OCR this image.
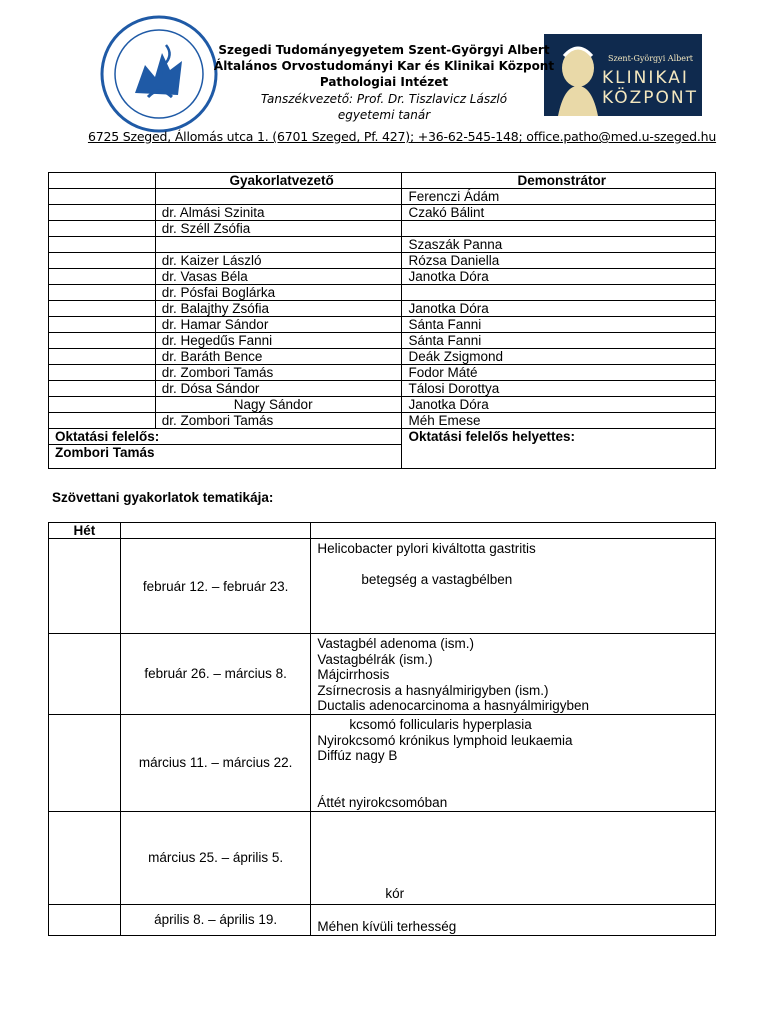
Szent-Györgyi Albert
KLINIKAI
KÖZPONT
Szegedi Tudományegyetem Szent-Györgyi Albert
Általános Orvostudományi Kar és Klinikai Központ
Pathologiai Intézet
Tanszékvezető: Prof. Dr. Tiszlavicz László
egyetemi tanár
6725 Szeged, Állomás utca 1. (6701 Szeged, Pf. 427); +36-62-545-148; office.patho@med.u-szeged.hu
	Gyakorlatvezető	Demonstrátor
		Ferenczi Ádám
	dr. Almási Szinita	Czakó Bálint
	dr. Széll Zsófia	
		Szaszák Panna
	dr. Kaizer László	Rózsa Daniella
	dr. Vasas Béla	Janotka Dóra
	dr. Pósfai Boglárka	
	dr. Balajthy Zsófia	Janotka Dóra
	dr. Hamar Sándor	Sánta Fanni
	dr. Hegedűs Fanni	Sánta Fanni
	dr. Baráth Bence	Deák Zsigmond
	dr. Zombori Tamás	Fodor Máté
	dr. Dósa Sándor	Tálosi Dorottya
	Nagy Sándor	Janotka Dóra
	dr. Zombori Tamás	Méh Emese
Oktatási felelős:		Oktatási felelős helyettes:
Zombori Tamás		
Szövettani gyakorlatok tematikája:
Hét		
	február 12. – február 23.	Helicobacter pylori kiváltotta gastritis
betegség a vastagbélben

	február 26. – március 8.	Vastagbél adenoma (ism.)
Vastagbélrák (ism.)
Májcirrhosis
Zsírnecrosis a hasnyálmirigyben (ism.)
Ductalis adenocarcinoma a hasnyálmirigyben

	március 11. – március 22.	kcsomó follicularis hyperplasia
Nyirokcsomó krónikus lymphoid leukaemia
Diffúz nagy B
Áttét nyirokcsomóban

	március 25. – április 5.	kór

	április 8. – április 19.	Méhen kívüli terhesség
